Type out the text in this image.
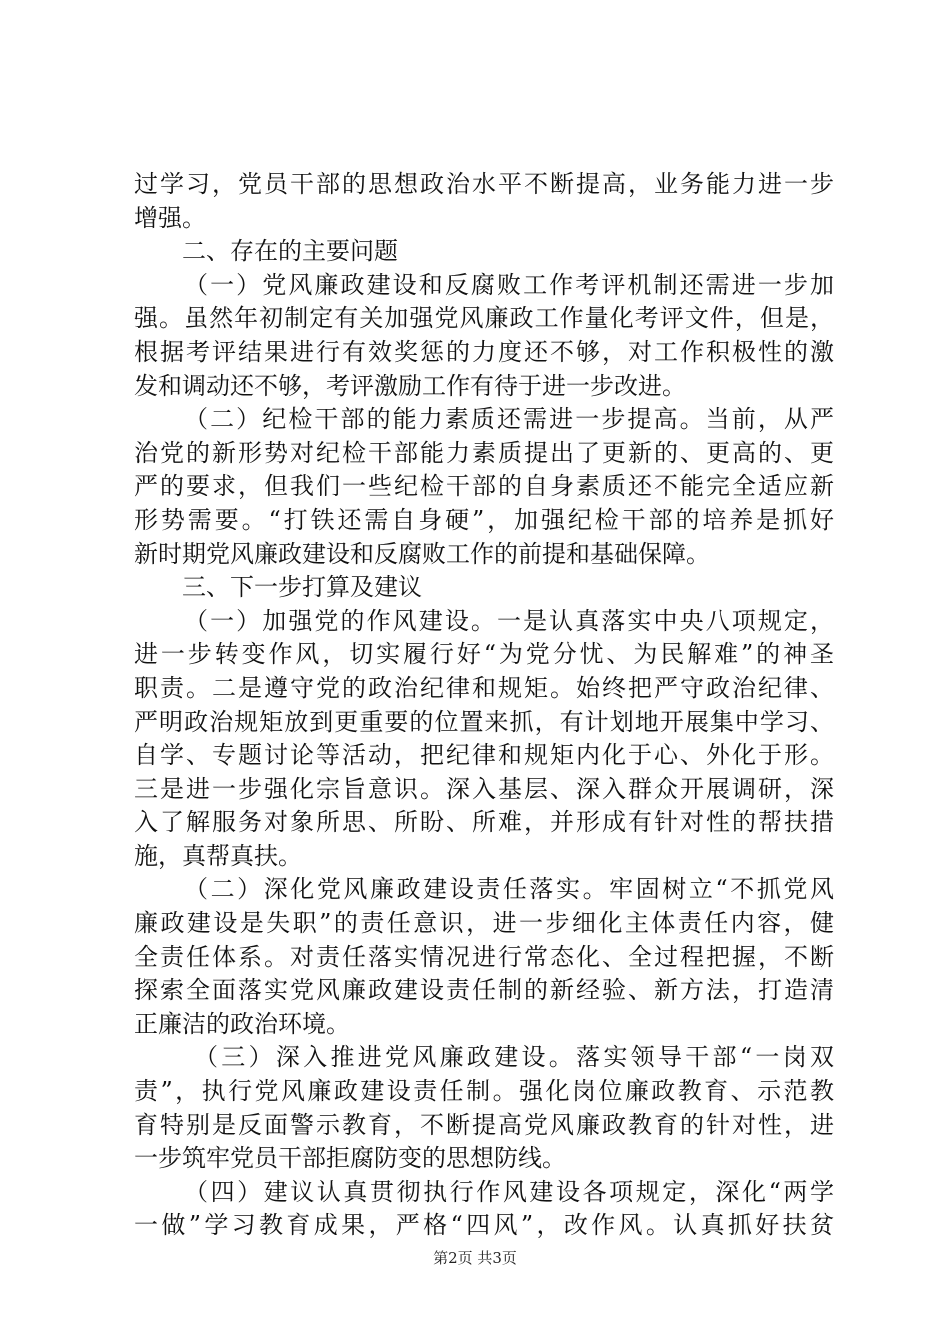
过学习，党员干部的思想政治水平不断提高，业务能力进一步
增强。
二、存在的主要问题
（一）党风廉政建设和反腐败工作考评机制还需进一步加
强。虽然年初制定有关加强党风廉政工作量化考评文件，但是，
根据考评结果进行有效奖惩的力度还不够，对工作积极性的激
发和调动还不够，考评激励工作有待于进一步改进。
（二）纪检干部的能力素质还需进一步提高。当前，从严
治党的新形势对纪检干部能力素质提出了更新的、更高的、更
严的要求，但我们一些纪检干部的自身素质还不能完全适应新
形势需要。“打铁还需自身硬”，加强纪检干部的培养是抓好
新时期党风廉政建设和反腐败工作的前提和基础保障。
三、下一步打算及建议
（一）加强党的作风建设。一是认真落实中央八项规定，
进一步转变作风，切实履行好“为党分忧、为民解难”的神圣
职责。二是遵守党的政治纪律和规矩。始终把严守政治纪律、
严明政治规矩放到更重要的位置来抓，有计划地开展集中学习、
自学、专题讨论等活动，把纪律和规矩内化于心、外化于形。
三是进一步强化宗旨意识。深入基层、深入群众开展调研，深
入了解服务对象所思、所盼、所难，并形成有针对性的帮扶措
施，真帮真扶。
（二）深化党风廉政建设责任落实。牢固树立“不抓党风
廉政建设是失职”的责任意识，进一步细化主体责任内容，健
全责任体系。对责任落实情况进行常态化、全过程把握，不断
探索全面落实党风廉政建设责任制的新经验、新方法，打造清
正廉洁的政治环境。
（三）深入推进党风廉政建设。落实领导干部“一岗双
责”，执行党风廉政建设责任制。强化岗位廉政教育、示范教
育特别是反面警示教育，不断提高党风廉政教育的针对性，进
一步筑牢党员干部拒腐防变的思想防线。
（四）建议认真贯彻执行作风建设各项规定，深化“两学
一做”学习教育成果，严格“四风”，改作风。认真抓好扶贫
第2页 共3页
